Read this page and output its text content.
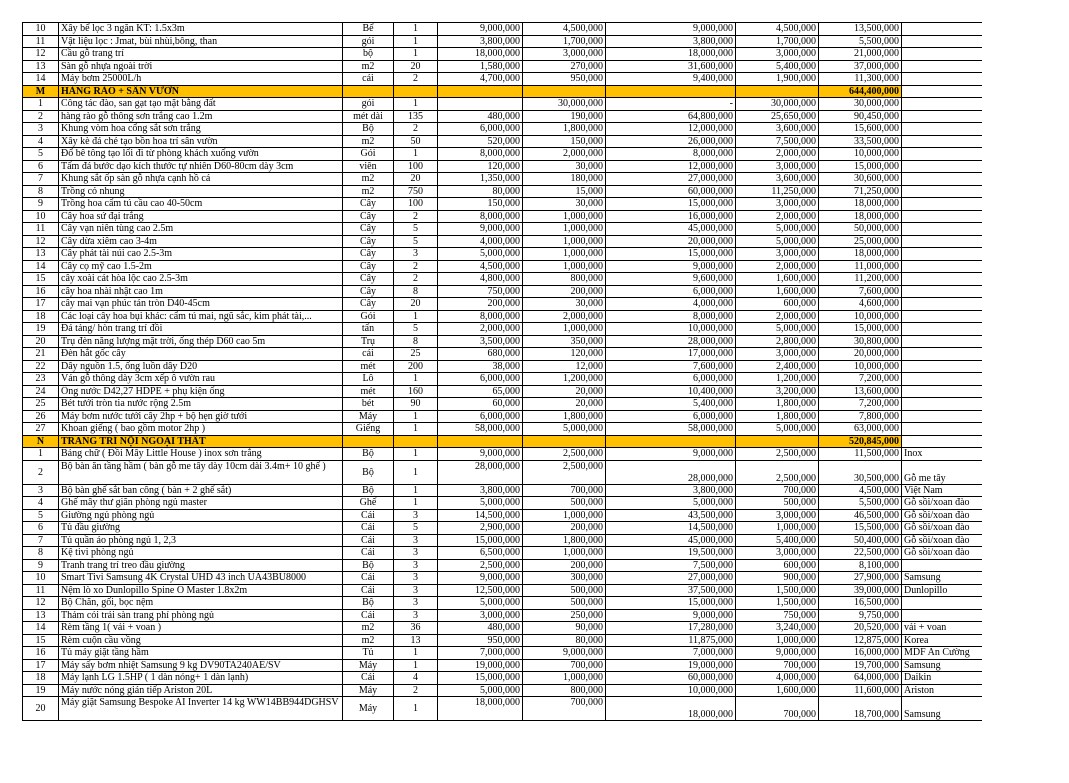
10	Xây bể lọc 3 ngăn KT: 1.5x3m	Bể	1	9,000,000	4,500,000	9,000,000	4,500,000	13,500,000	
11	Vật liệu lọc : Jmat, bùi nhùi,bông, than	gói	1	3,800,000	1,700,000	3,800,000	1,700,000	5,500,000	
12	Cầu gỗ trang trí	bộ	1	18,000,000	3,000,000	18,000,000	3,000,000	21,000,000	
13	Sàn gỗ nhựa ngoài trời	m2	20	1,580,000	270,000	31,600,000	5,400,000	37,000,000	
14	Máy bơm 25000L/h	cái	2	4,700,000	950,000	9,400,000	1,900,000	11,300,000	
M	HÀNG RÀO + SÂN VƯỜN							644,400,000	
1	Công tác đào, san gạt tạo mặt bằng đất	gói	1		30,000,000	-	30,000,000	30,000,000	
2	hàng rào gỗ thông sơn trắng cao 1.2m	mét dài	135	480,000	190,000	64,800,000	25,650,000	90,450,000	
3	Khung vòm hoa cổng sắt sơn trắng	Bộ	2	6,000,000	1,800,000	12,000,000	3,600,000	15,600,000	
4	Xây kè đá chẻ tạo bồn hoa trí sân vườn	m2	50	520,000	150,000	26,000,000	7,500,000	33,500,000	
5	Đổ bê tông tạo lối đi từ phòng khách xuống vườn	Gói	1	8,000,000	2,000,000	8,000,000	2,000,000	10,000,000	
6	Tấm đá bước dạo kích thước tự nhiên D60-80cm dày 3cm	viên	100	120,000	30,000	12,000,000	3,000,000	15,000,000	
7	Khung sắt ốp sàn gỗ nhựa cạnh hồ cá	m2	20	1,350,000	180,000	27,000,000	3,600,000	30,600,000	
8	Trồng cỏ nhung	m2	750	80,000	15,000	60,000,000	11,250,000	71,250,000	
9	Trồng hoa cẩm tú cầu cao 40-50cm	Cây	100	150,000	30,000	15,000,000	3,000,000	18,000,000	
10	Cây hoa sứ đại trắng	Cây	2	8,000,000	1,000,000	16,000,000	2,000,000	18,000,000	
11	Cây vạn niên tùng cao 2.5m	Cây	5	9,000,000	1,000,000	45,000,000	5,000,000	50,000,000	
12	Cây dừa xiêm cao 3-4m	Cây	5	4,000,000	1,000,000	20,000,000	5,000,000	25,000,000	
13	Cây phát tài núi cao 2.5-3m	Cây	3	5,000,000	1,000,000	15,000,000	3,000,000	18,000,000	
14	Cây cọ mỹ cao 1.5-2m	Cây	2	4,500,000	1,000,000	9,000,000	2,000,000	11,000,000	
15	cây xoài cát hòa lộc cao 2.5-3m	Cây	2	4,800,000	800,000	9,600,000	1,600,000	11,200,000	
16	cây hoa nhài nhật cao 1m	Cây	8	750,000	200,000	6,000,000	1,600,000	7,600,000	
17	cây mai vạn phúc tán tròn D40-45cm	Cây	20	200,000	30,000	4,000,000	600,000	4,600,000	
18	Các loại cây hoa bụi khác: cẩm tú mai, ngũ sắc, kim phát tài,...	Gói	1	8,000,000	2,000,000	8,000,000	2,000,000	10,000,000	
19	Đá tảng/ hòn trang trí đồi	tấn	5	2,000,000	1,000,000	10,000,000	5,000,000	15,000,000	
20	Trụ đèn năng lượng mặt trời, ống thép D60 cao 5m	Trụ	8	3,500,000	350,000	28,000,000	2,800,000	30,800,000	
21	Đèn hắt gốc cây	cái	25	680,000	120,000	17,000,000	3,000,000	20,000,000	
22	Dây nguồn 1.5, ống luồn dây D20	mét	200	38,000	12,000	7,600,000	2,400,000	10,000,000	
23	Ván gỗ thông dày 3cm xếp ô vườn rau	Lô	1	6,000,000	1,200,000	6,000,000	1,200,000	7,200,000	
24	Ống nước D42,27 HDPE + phụ kiện ống	mét	160	65,000	20,000	10,400,000	3,200,000	13,600,000	
25	Bét tưới tròn tia nước rộng 2.5m	bét	90	60,000	20,000	5,400,000	1,800,000	7,200,000	
26	Máy bơm nước tưới cây 2hp + bộ hẹn giờ tưới	Máy	1	6,000,000	1,800,000	6,000,000	1,800,000	7,800,000	
27	Khoan giếng ( bao gồm motor 2hp )	Giếng	1	58,000,000	5,000,000	58,000,000	5,000,000	63,000,000	
N	TRANG TRÍ NỘI NGOẠI THẤT							520,845,000	
1	Bảng chữ ( Đồi Mây Little House ) inox sơn trắng	Bộ	1	9,000,000	2,500,000	9,000,000	2,500,000	11,500,000	Inox
2	Bộ bàn ăn tầng hầm ( bàn gỗ me tây dày 10cm dài 3.4m+ 10 ghế )	Bộ	1	28,000,000	2,500,000	28,000,000	2,500,000	30,500,000	Gỗ me tây
3	Bộ bàn ghế sắt ban công ( bàn + 2 ghế sắt)	Bộ	1	3,800,000	700,000	3,800,000	700,000	4,500,000	Việt Nam
4	Ghế mây thư giãn phòng ngủ master	Ghế	1	5,000,000	500,000	5,000,000	500,000	5,500,000	Gỗ sồi/xoan đào
5	Giường ngủ phòng ngủ	Cái	3	14,500,000	1,000,000	43,500,000	3,000,000	46,500,000	Gỗ sồi/xoan đào
6	Tủ đầu giường	Cái	5	2,900,000	200,000	14,500,000	1,000,000	15,500,000	Gỗ sồi/xoan đào
7	Tủ quần áo phòng ngủ 1, 2,3	Cái	3	15,000,000	1,800,000	45,000,000	5,400,000	50,400,000	Gỗ sồi/xoan đào
8	Kệ tivi phòng ngủ	Cái	3	6,500,000	1,000,000	19,500,000	3,000,000	22,500,000	Gỗ sồi/xoan đào
9	Tranh trang trí treo đầu giường	Bộ	3	2,500,000	200,000	7,500,000	600,000	8,100,000	
10	Smart Tivi Samsung 4K Crystal UHD 43 inch UA43BU8000	Cái	3	9,000,000	300,000	27,000,000	900,000	27,900,000	Samsung
11	Nệm lò xo Dunlopillo Spine O Master 1.8x2m	Cái	3	12,500,000	500,000	37,500,000	1,500,000	39,000,000	Dunlopillo
12	Bộ Chăn, gối, bọc nệm	Bộ	3	5,000,000	500,000	15,000,000	1,500,000	16,500,000	
13	Thảm cói trải sàn trang phí phòng ngủ	Cái	3	3,000,000	250,000	9,000,000	750,000	9,750,000	
14	Rèm tầng 1( vải + voan )	m2	36	480,000	90,000	17,280,000	3,240,000	20,520,000	vải + voan
15	Rèm cuộn cầu vồng	m2	13	950,000	80,000	11,875,000	1,000,000	12,875,000	Korea
16	Tủ máy giặt tầng hầm	Tủ	1	7,000,000	9,000,000	7,000,000	9,000,000	16,000,000	MDF An Cường
17	Máy sấy bơm nhiệt Samsung 9 kg DV90TA240AE/SV	Máy	1	19,000,000	700,000	19,000,000	700,000	19,700,000	Samsung
18	Máy lạnh LG 1.5HP ( 1 dàn nóng+ 1 dàn lạnh)	Cái	4	15,000,000	1,000,000	60,000,000	4,000,000	64,000,000	Daikin
19	Máy nước nóng gián tiếp Ariston 20L	Máy	2	5,000,000	800,000	10,000,000	1,600,000	11,600,000	Ariston
20	Máy giặt Samsung Bespoke AI Inverter 14 kg WW14BB944DGHSV	Máy	1	18,000,000	700,000	18,000,000	700,000	18,700,000	Samsung
